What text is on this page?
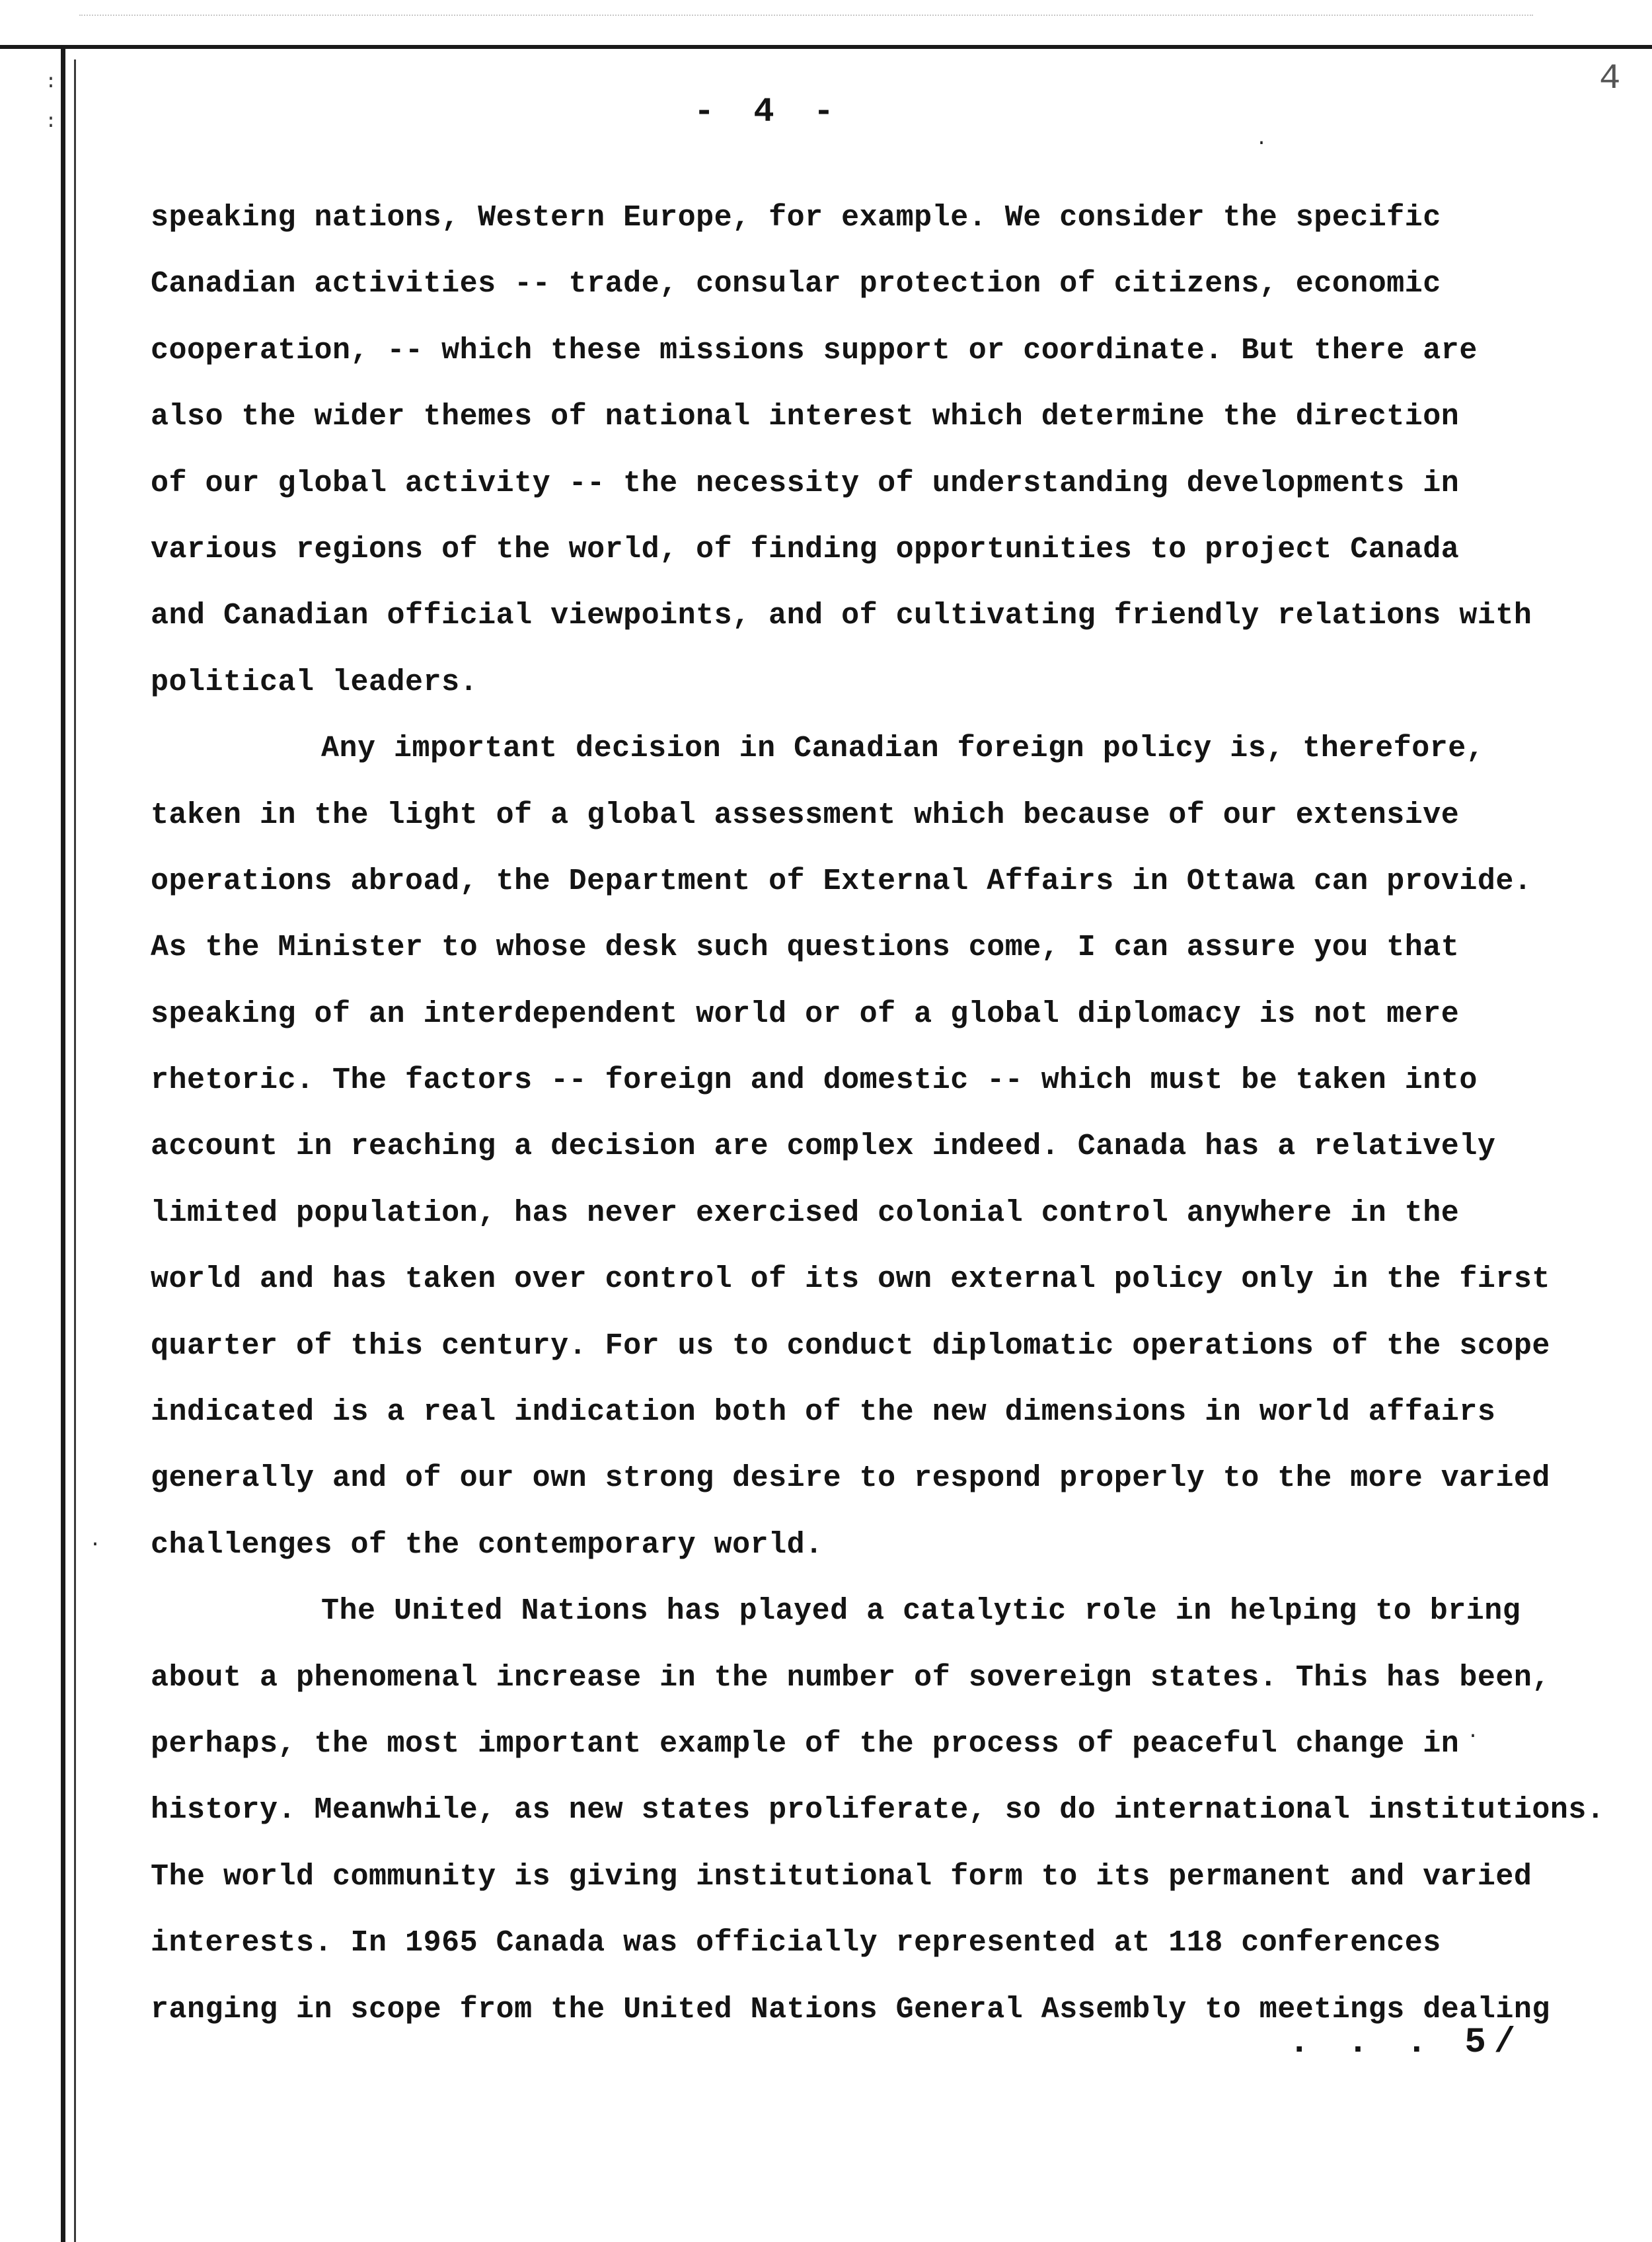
:

:
4
- 4 -
speaking nations, Western Europe, for example. We consider the specific
Canadian activities -- trade, consular protection of citizens, economic
cooperation, -- which these missions support or coordinate. But there are
also the wider themes of national interest which determine the direction
of our global activity -- the necessity of understanding developments in
various regions of the world, of finding opportunities to project Canada
and Canadian official viewpoints, and of cultivating friendly relations with
political leaders.
Any important decision in Canadian foreign policy is, therefore,
taken in the light of a global assessment which because of our extensive
operations abroad, the Department of External Affairs in Ottawa can provide.
As the Minister to whose desk such questions come, I can assure you that
speaking of an interdependent world or of a global diplomacy is not mere
rhetoric. The factors -- foreign and domestic -- which must be taken into
account in reaching a decision are complex indeed. Canada has a relatively
limited population, has never exercised colonial control anywhere in the
world and has taken over control of its own external policy only in the first
quarter of this century. For us to conduct diplomatic operations of the scope
indicated is a real indication both of the new dimensions in world affairs
generally and of our own strong desire to respond properly to the more varied
challenges of the contemporary world.
The United Nations has played a catalytic role in helping to bring
about a phenomenal increase in the number of sovereign states. This has been,
perhaps, the most important example of the process of peaceful change in
history. Meanwhile, as new states proliferate, so do international institutions.
The world community is giving institutional form to its permanent and varied
interests. In 1965 Canada was officially represented at 118 conferences
ranging in scope from the United Nations General Assembly to meetings dealing
·
·
·
. . . 5/
